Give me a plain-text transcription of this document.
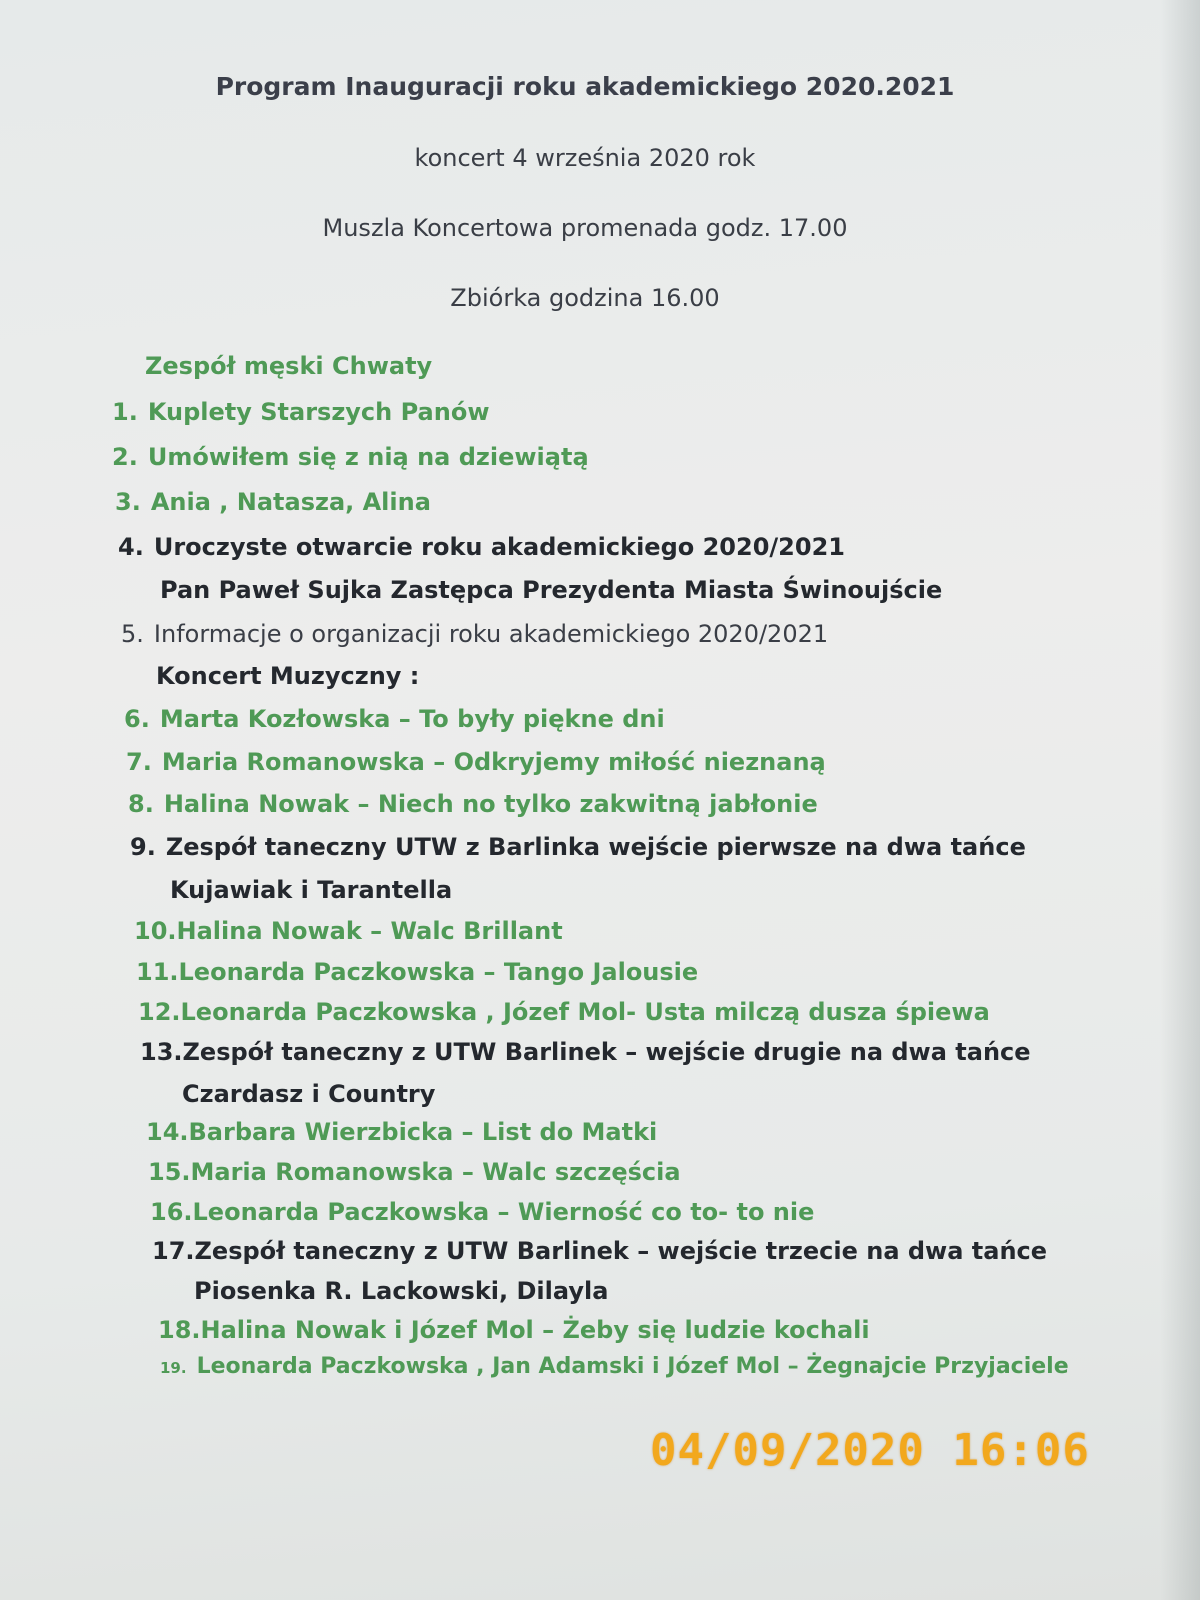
Program Inauguracji roku akademickiego 2020.2021
koncert 4 września 2020 rok
Muszla Koncertowa promenada godz. 17.00
Zbiórka godzina 16.00
Zespół męski Chwaty
1. Kuplety Starszych Panów
2. Umówiłem się z nią na dziewiątą
3. Ania , Natasza, Alina
4. Uroczyste otwarcie roku akademickiego 2020/2021
Pan Paweł Sujka Zastępca Prezydenta Miasta Świnoujście
5. Informacje o organizacji roku akademickiego 2020/2021
Koncert Muzyczny :
6. Marta Kozłowska – To były piękne dni
7. Maria Romanowska – Odkryjemy miłość nieznaną
8. Halina Nowak – Niech no tylko zakwitną jabłonie
9. Zespół taneczny UTW z Barlinka wejście pierwsze na dwa tańce
Kujawiak i Tarantella
10.Halina Nowak – Walc Brillant
11.Leonarda Paczkowska – Tango Jalousie
12.Leonarda Paczkowska , Józef Mol- Usta milczą dusza śpiewa
13.Zespół taneczny z UTW Barlinek – wejście drugie na dwa tańce
Czardasz i Country
14.Barbara Wierzbicka – List do Matki
15.Maria Romanowska – Walc szczęścia
16.Leonarda Paczkowska – Wierność co to- to nie
17.Zespół taneczny z UTW Barlinek – wejście trzecie na dwa tańce
Piosenka R. Lackowski, Dilayla
18.Halina Nowak i Józef Mol – Żeby się ludzie kochali
19. Leonarda Paczkowska , Jan Adamski i Józef Mol – Żegnajcie Przyjaciele
04/09/2020 16:06
